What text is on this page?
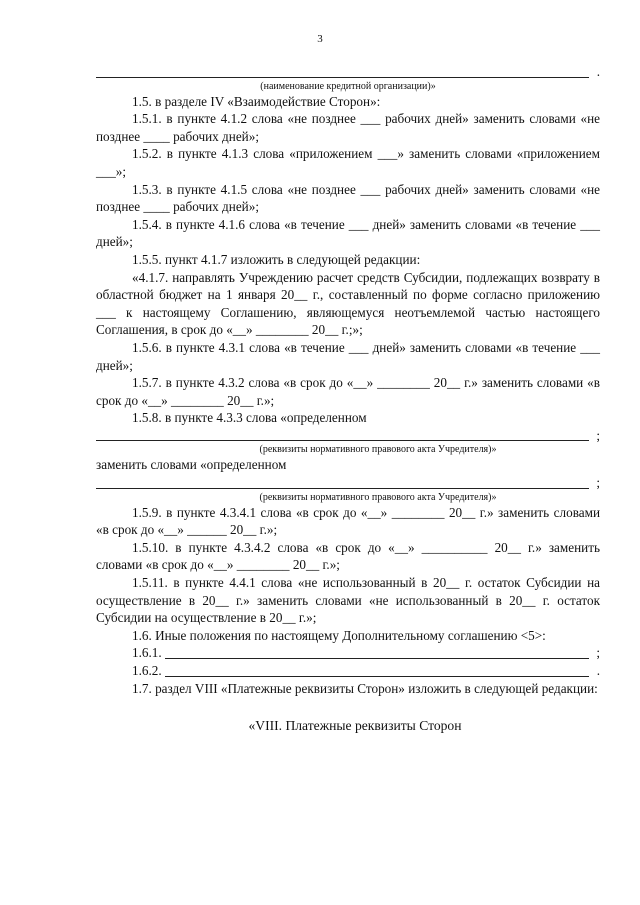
3
.

(наименование кредитной организации)»

1.5. в разделе IV «Взаимодействие Сторон»:

1.5.1. в пункте 4.1.2 слова «не позднее ___ рабочих дней» заменить словами «не позднее ____ рабочих дней»;

1.5.2. в пункте 4.1.3 слова «приложением ___» заменить словами «приложением ___»;

1.5.3. в пункте 4.1.5 слова «не позднее ___ рабочих дней» заменить словами «не позднее ____ рабочих дней»;

1.5.4. в пункте 4.1.6 слова «в течение ___ дней» заменить словами «в течение ___ дней»;

1.5.5. пункт 4.1.7 изложить в следующей редакции:

«4.1.7. направлять Учреждению расчет средств Субсидии, подлежащих возврату в областной бюджет на 1 января 20__ г., составленный по форме согласно приложению ___ к настоящему Соглашению, являющемуся неотъемлемой частью настоящего Соглашения, в срок до «__» ________ 20__ г.;»;

1.5.6. в пункте 4.3.1 слова «в течение ___ дней» заменить словами «в течение ___ дней»;

1.5.7. в пункте 4.3.2 слова «в срок до «__» ________ 20__ г.» заменить словами «в срок до «__» ________ 20__ г.»;

1.5.8. в пункте 4.3.3 слова «определенном

;

(реквизиты нормативного правового акта Учредителя)»

заменить словами «определенном

;

(реквизиты нормативного правового акта Учредителя)»

1.5.9. в пункте 4.3.4.1 слова «в срок до «__» ________ 20__ г.» заменить словами «в срок до «__» ______ 20__ г.»;

1.5.10. в пункте 4.3.4.2 слова «в срок до «__» __________ 20__ г.» заменить словами «в срок до «__» ________ 20__ г.»;

1.5.11. в пункте 4.4.1 слова «не использованный в 20__ г. остаток Субсидии на осуществление в 20__ г.» заменить словами «не использованный в 20__ г. остаток Субсидии на осуществление в 20__ г.»;

1.6. Иные положения по настоящему Дополнительному соглашению <5>:

1.6.1.	;
1.6.2.	.

1.7. раздел VIII «Платежные реквизиты Сторон» изложить в следующей редакции:

«VIII. Платежные реквизиты Сторон
